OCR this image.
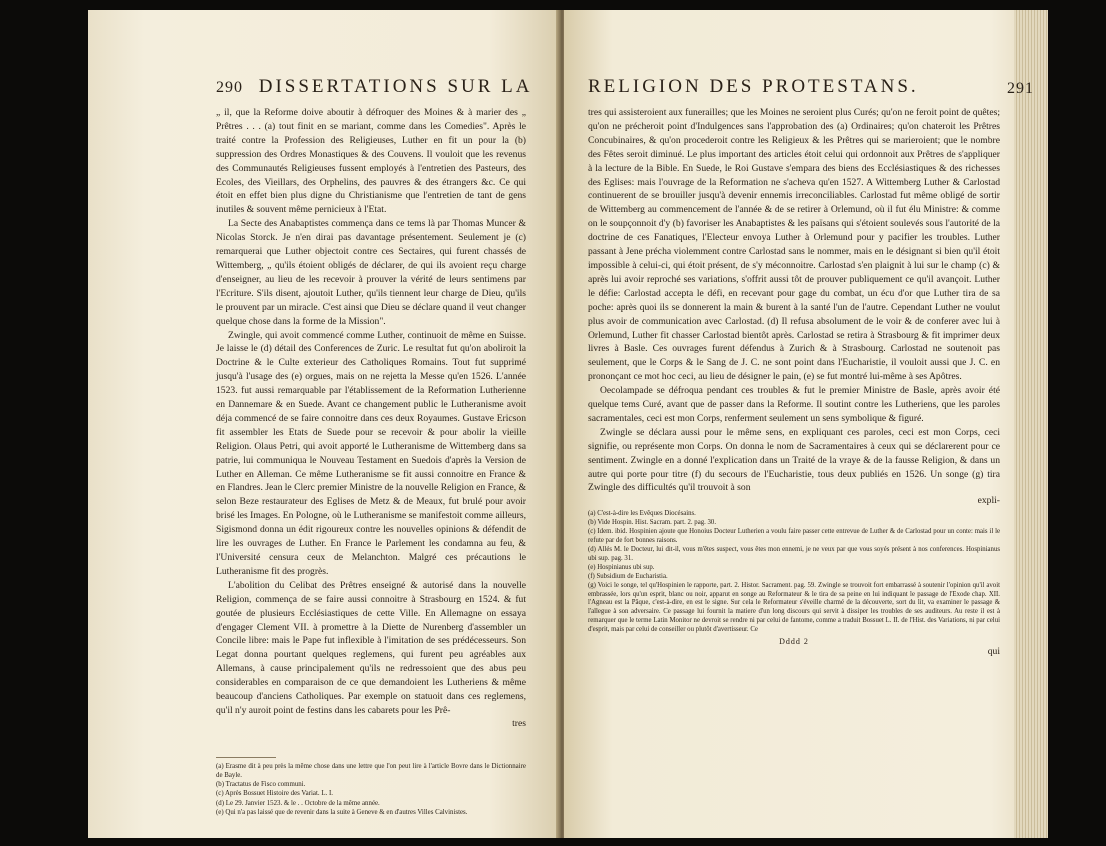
290 DISSERTATIONS SUR LA

„ il, que la Reforme doive aboutir à défroquer des Moines & à marier des „ Prêtres . . . (a) tout finit en se mariant, comme dans les Comedies". Après le traité contre la Profession des Religieuses, Luther en fit un pour la (b) suppression des Ordres Monastiques & des Couvens. Il vouloit que les revenus des Communautés Religieuses fussent employés à l'entretien des Pasteurs, des Ecoles, des Vieillars, des Orphelins, des pauvres & des étrangers &c. Ce qui étoit en effet bien plus digne du Christianisme que l'entretien de tant de gens inutiles & souvent même pernicieux à l'Etat.

La Secte des Anabaptistes commença dans ce tems là par Thomas Muncer & Nicolas Storck. Je n'en dirai pas davantage présentement. Seulement je (c) remarquerai que Luther objectoit contre ces Sectaires, qui furent chassés de Wittemberg, „ qu'ils étoient obligés de déclarer, de qui ils avoient reçu charge d'enseigner, au lieu de les recevoir à prouver la vérité de leurs sentimens par l'Ecriture. S'ils disent, ajoutoit Luther, qu'ils tiennent leur charge de Dieu, qu'ils le prouvent par un miracle. C'est ainsi que Dieu se déclare quand il veut changer quelque chose dans la forme de la Mission".

Zwingle, qui avoit commencé comme Luther, continuoit de même en Suisse. Je laisse le (d) détail des Conferences de Zuric. Le resultat fut qu'on aboliroit la Doctrine & le Culte exterieur des Catholiques Romains. Tout fut supprimé jusqu'à l'usage des (e) orgues, mais on ne rejetta la Messe qu'en 1526. L'année 1523. fut aussi remarquable par l'établissement de la Reformation Lutherienne en Dannemare & en Suede. Avant ce changement public le Lutheranisme avoit déja commencé de se faire connoitre dans ces deux Royaumes. Gustave Ericson fit assembler les Etats de Suede pour se recevoir & pour abolir la vieille Religion. Olaus Petri, qui avoit apporté le Lutheranisme de Wittemberg dans sa patrie, lui communiqua le Nouveau Testament en Suedois d'après la Version de Luther en Alleman. Ce même Lutheranisme se fit aussi connoitre en France & en Flandres. Jean le Clerc premier Ministre de la nouvelle Religion en France, & selon Beze restaurateur des Eglises de Metz & de Meaux, fut brulé pour avoir brisé les Images. En Pologne, où le Lutheranisme se manifestoit comme ailleurs, Sigismond donna un édit rigoureux contre les nouvelles opinions & défendit de lire les ouvrages de Luther. En France le Parlement les condamna au feu, & l'Université censura ceux de Melanchton. Malgré ces précautions le Lutheranisme fit des progrès.

L'abolition du Celibat des Prêtres enseigné & autorisé dans la nouvelle Religion, commença de se faire aussi connoitre à Strasbourg en 1524. & fut goutée de plusieurs Ecclésiastiques de cette Ville. En Allemagne on essaya d'engager Clement VII. à promettre à la Diette de Nurenberg d'assembler un Concile libre: mais le Pape fut inflexible à l'imitation de ses prédécesseurs. Son Legat donna pourtant quelques reglemens, qui furent peu agréables aux Allemans, à cause principalement qu'ils ne redressoient que des abus peu considerables en comparaison de ce que demandoient les Lutheriens & même beaucoup d'anciens Catholiques. Par exemple on statuoit dans ces reglemens, qu'il n'y auroit point de festins dans les cabarets pour les Prê-

tres
(a) Erasme dit à peu près la même chose dans une lettre que l'on peut lire à l'article Bovre dans le Dictionnaire de Bayle.
(b) Tractatus de Fisco communi.
(c) Après Bossuet Histoire des Variat. L. I.
(d) Le 29. Janvier 1523. & le . . Octobre de la même année.
(e) Qui n'a pas laissé que de revenir dans la suite à Geneve & en d'autres Villes Calvinistes.
RELIGION DES PROTESTANS.	291

tres qui assisteroient aux funerailles; que les Moines ne seroient plus Curés; qu'on ne feroit point de quêtes; qu'on ne précheroit point d'Indulgences sans l'approbation des (a) Ordinaires; qu'on chateroit les Prêtres Concubinaires, & qu'on procederoit contre les Religieux & les Prêtres qui se marieroient; que le nombre des Fêtes seroit diminué. Le plus important des articles étoit celui qui ordonnoit aux Prêtres de s'appliquer à la lecture de la Bible. En Suede, le Roi Gustave s'empara des biens des Ecclésiastiques & des richesses des Eglises: mais l'ouvrage de la Reformation ne s'acheva qu'en 1527. A Wittemberg Luther & Carlostad continuerent de se brouiller jusqu'à devenir ennemis irreconciliables. Carlostad fut même obligé de sortir de Wittemberg au commencement de l'année & de se retirer à Orlemund, où il fut élu Ministre: & comme on le soupçonnoit d'y (b) favoriser les Anabaptistes & les païsans qui s'étoient soulevés sous l'autorité de la doctrine de ces Fanatiques, l'Electeur envoya Luther à Orlemund pour y pacifier les troubles. Luther passant à Jene précha violemment contre Carlostad sans le nommer, mais en le désignant si bien qu'il étoit impossible à celui-ci, qui étoit présent, de s'y méconnoitre. Carlostad s'en plaignit à lui sur le champ (c) & après lui avoir reproché ses variations, s'offrit aussi tôt de prouver publiquement ce qu'il avançoit. Luther le défie: Carlostad accepta le défi, en recevant pour gage du combat, un écu d'or que Luther tira de sa poche: après quoi ils se donnerent la main & burent à la santé l'un de l'autre. Cependant Luther ne voulut plus avoir de communication avec Carlostad. (d) Il refusa absolument de le voir & de conferer avec lui à Orlemund, Luther fit chasser Carlostad bientôt après. Carlostad se retira à Strasbourg & fit imprimer deux livres à Basle. Ces ouvrages furent défendus à Zurich & à Strasbourg. Carlostad ne soutenoit pas seulement, que le Corps & le Sang de J. C. ne sont point dans l'Eucharistie, il vouloit aussi que J. C. en prononçant ce mot hoc ceci, au lieu de désigner le pain, (e) se fut montré lui-même à ses Apôtres.

Oecolampade se défroqua pendant ces troubles & fut le premier Ministre de Basle, après avoir été quelque tems Curé, avant que de passer dans la Reforme. Il soutint contre les Lutheriens, que les paroles sacramentales, ceci est mon Corps, renferment seulement un sens symbolique & figuré.

Zwingle se déclara aussi pour le même sens, en expliquant ces paroles, ceci est mon Corps, ceci signifie, ou représente mon Corps. On donna le nom de Sacramentaires à ceux qui se déclarerent pour ce sentiment. Zwingle en a donné l'explication dans un Traité de la vraye & de la fausse Religion, & dans un autre qui porte pour titre (f) du secours de l'Eucharistie, tous deux publiés en 1526. Un songe (g) tira Zwingle des difficultés qu'il trouvoit à son

expli-
(a) C'est-à-dire les Evêques Diocésains.
(b) Vide Hospin. Hist. Sacram. part. 2. pag. 30.
(c) Idem. ibid. Hospinien ajoute que Honoius Docteur Lutherien a voulu faire passer cette entrevue de Luther & de Carlostad pour un conte: mais il le refute par de fort bonnes raisons.
(d) Allés M. le Docteur, lui dit-il, vous m'êtes suspect, vous êtes mon ennemi, je ne veux par que vous soyés présent à nos conferences. Hospinianus ubi sup. pag. 31.
(e) Hospinianus ubi sup.
(f) Subsidium de Eucharistia.
(g) Voici le songe, tel qu'Hospinien le rapporte, part. 2. Histor. Sacrament. pag. 59. Zwingle se trouvoit fort embarrassé à soutenir l'opinion qu'il avoit embrassée, lors qu'un esprit, blanc ou noir, apparut en songe au Reformateur & le tira de sa peine en lui indiquant le passage de l'Exode chap. XII. l'Agneau est la Pâque, c'est-à-dire, en est le signe. Sur cela le Reformateur s'éveille charmé de la découverte, sort du lit, va examiner le passage & l'allegue à son adversaire. Ce passage lui fournit la matiere d'un long discours qui servit à dissiper les troubles de ses auditeurs. Au reste il est à remarquer que le terme Latin Monitor ne devroit se rendre ni par celui de fantome, comme a traduit Bossuet L. II. de l'Hist. des Variations, ni par celui d'esprit, mais par celui de conseiller ou plutôt d'avertisseur. Ce
Dddd 2
qui
